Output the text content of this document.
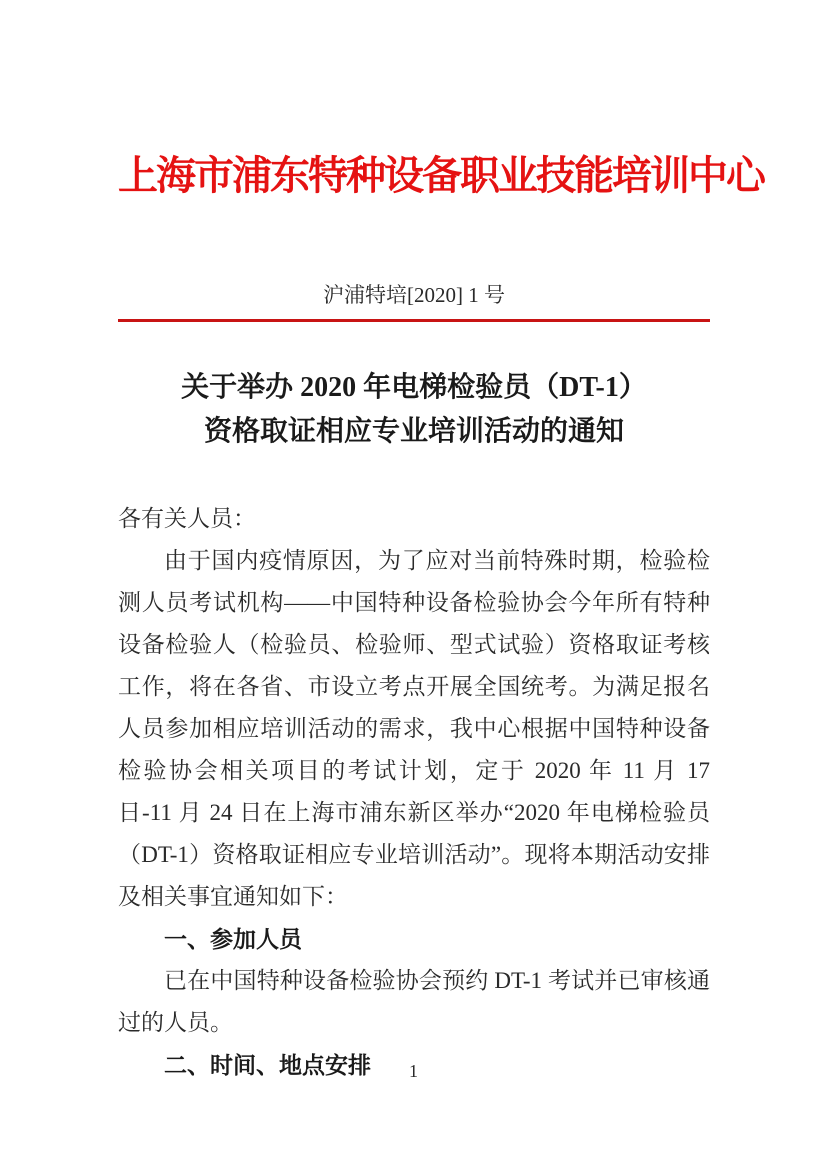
上海市浦东特种设备职业技能培训中心
沪浦特培[2020] 1 号
关于举办 2020 年电梯检验员（DT-1）
资格取证相应专业培训活动的通知

各有关人员：

由于国内疫情原因，为了应对当前特殊时期，检验检测人员考试机构——中国特种设备检验协会今年所有特种设备检验人（检验员、检验师、型式试验）资格取证考核工作，将在各省、市设立考点开展全国统考。为满足报名人员参加相应培训活动的需求，我中心根据中国特种设备检验协会相关项目的考试计划，定于 2020 年 11 月 17 日-11 月 24 日在上海市浦东新区举办“2020 年电梯检验员（DT-1）资格取证相应专业培训活动”。现将本期活动安排及相关事宜通知如下：

一、参加人员

已在中国特种设备检验协会预约 DT-1 考试并已审核通过的人员。

二、时间、地点安排	1
